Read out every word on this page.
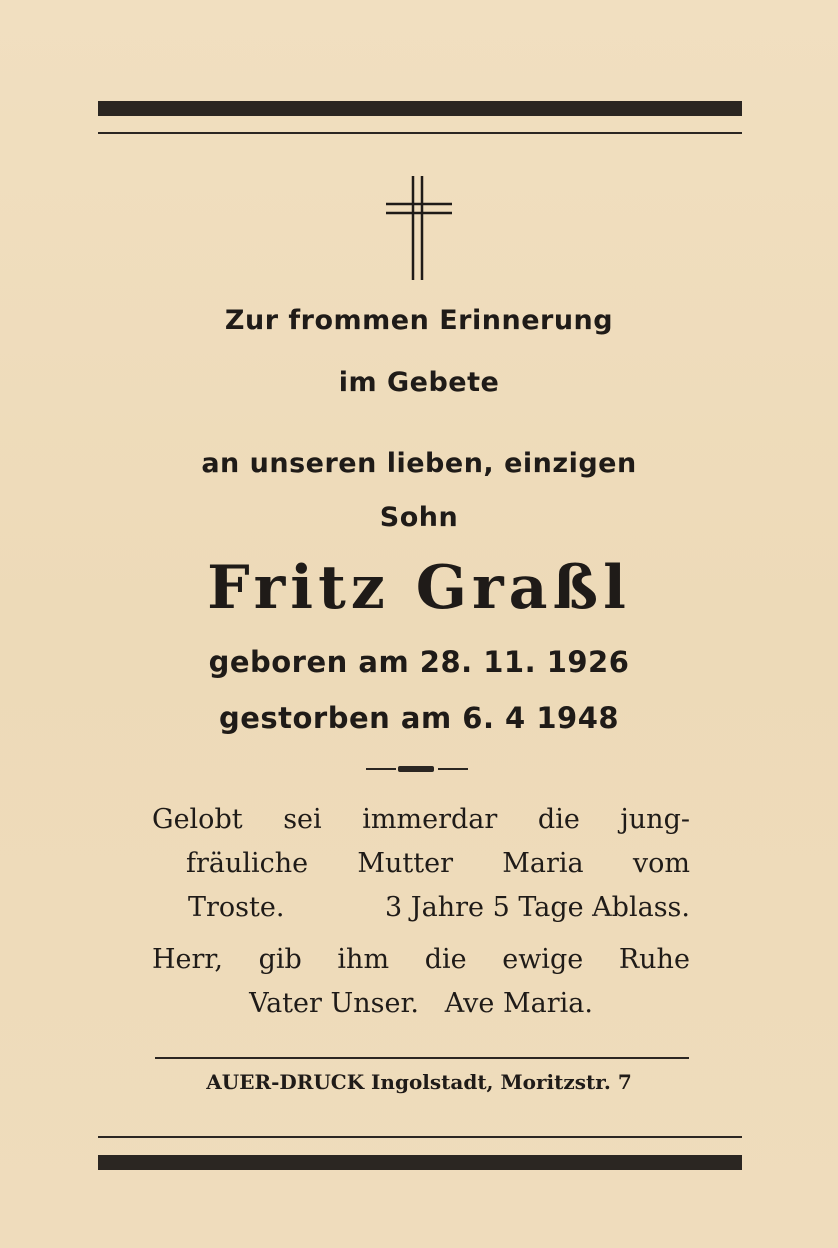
Zur frommen Erinnerung
im Gebete
an unseren lieben, einzigen
Sohn
Fritz Graßl
geboren am 28. 11. 1926
gestorben am 6. 4 1948
Gelobt sei immerdar die jung-
fräuliche Mutter Maria vom
Troste.	3 Jahre 5 Tage Ablass.
Herr, gib ihm die ewige Ruhe
Vater Unser.   Ave Maria.
AUER-DRUCK Ingolstadt, Moritzstr. 7
